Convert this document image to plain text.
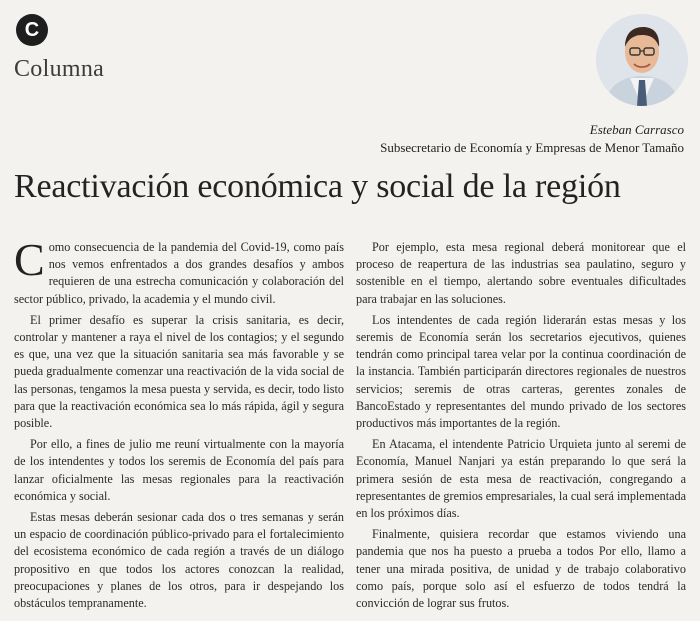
C
Columna
Esteban Carrasco
Subsecretario de Economía y Empresas de Menor Tamaño
Reactivación económica y social de la región

Como consecuencia de la pandemia del Covid-19, como país nos vemos enfrentados a dos grandes desafíos y ambos requieren de una estrecha comunicación y colaboración del sector público, privado, la academia y el mundo civil.

El primer desafío es superar la crisis sanitaria, es decir, controlar y mantener a raya el nivel de los contagios; y el segundo es que, una vez que la situación sanitaria sea más favorable y se pueda gradualmente comenzar una reactivación de la vida social de las personas, tengamos la mesa puesta y servida, es decir, todo listo para que la reactivación económica sea lo más rápida, ágil y segura posible.

Por ello, a fines de julio me reuní virtualmente con la mayoría de los intendentes y todos los seremis de Economía del país para lanzar oficialmente las mesas regionales para la reactivación económica y social.

Estas mesas deberán sesionar cada dos o tres semanas y serán un espacio de coordinación público-privado para el fortalecimiento del ecosistema económico de cada región a través de un diálogo propositivo en que todos los actores conozcan la realidad, preocupaciones y planes de los otros, para ir despejando los obstáculos tempranamente.

Por ejemplo, esta mesa regional deberá monitorear que el proceso de reapertura de las industrias sea paulatino, seguro y sostenible en el tiempo, alertando sobre eventuales dificultades para trabajar en las soluciones.

Los intendentes de cada región liderarán estas mesas y los seremis de Economía serán los secretarios ejecutivos, quienes tendrán como principal tarea velar por la continua coordinación de la instancia. También participarán directores regionales de nuestros servicios; seremis de otras carteras, gerentes zonales de BancoEstado y representantes del mundo privado de los sectores productivos más importantes de la región.

En Atacama, el intendente Patricio Urquieta junto al seremi de Economía, Manuel Nanjari ya están preparando lo que será la primera sesión de esta mesa de reactivación, congregando a representantes de gremios empresariales, la cual será implementada en los próximos días.

Finalmente, quisiera recordar que estamos viviendo una pandemia que nos ha puesto a prueba a todos Por ello, llamo a tener una mirada positiva, de unidad y de trabajo colaborativo como país, porque solo así el esfuerzo de todos tendrá la convicción de lograr sus frutos.
